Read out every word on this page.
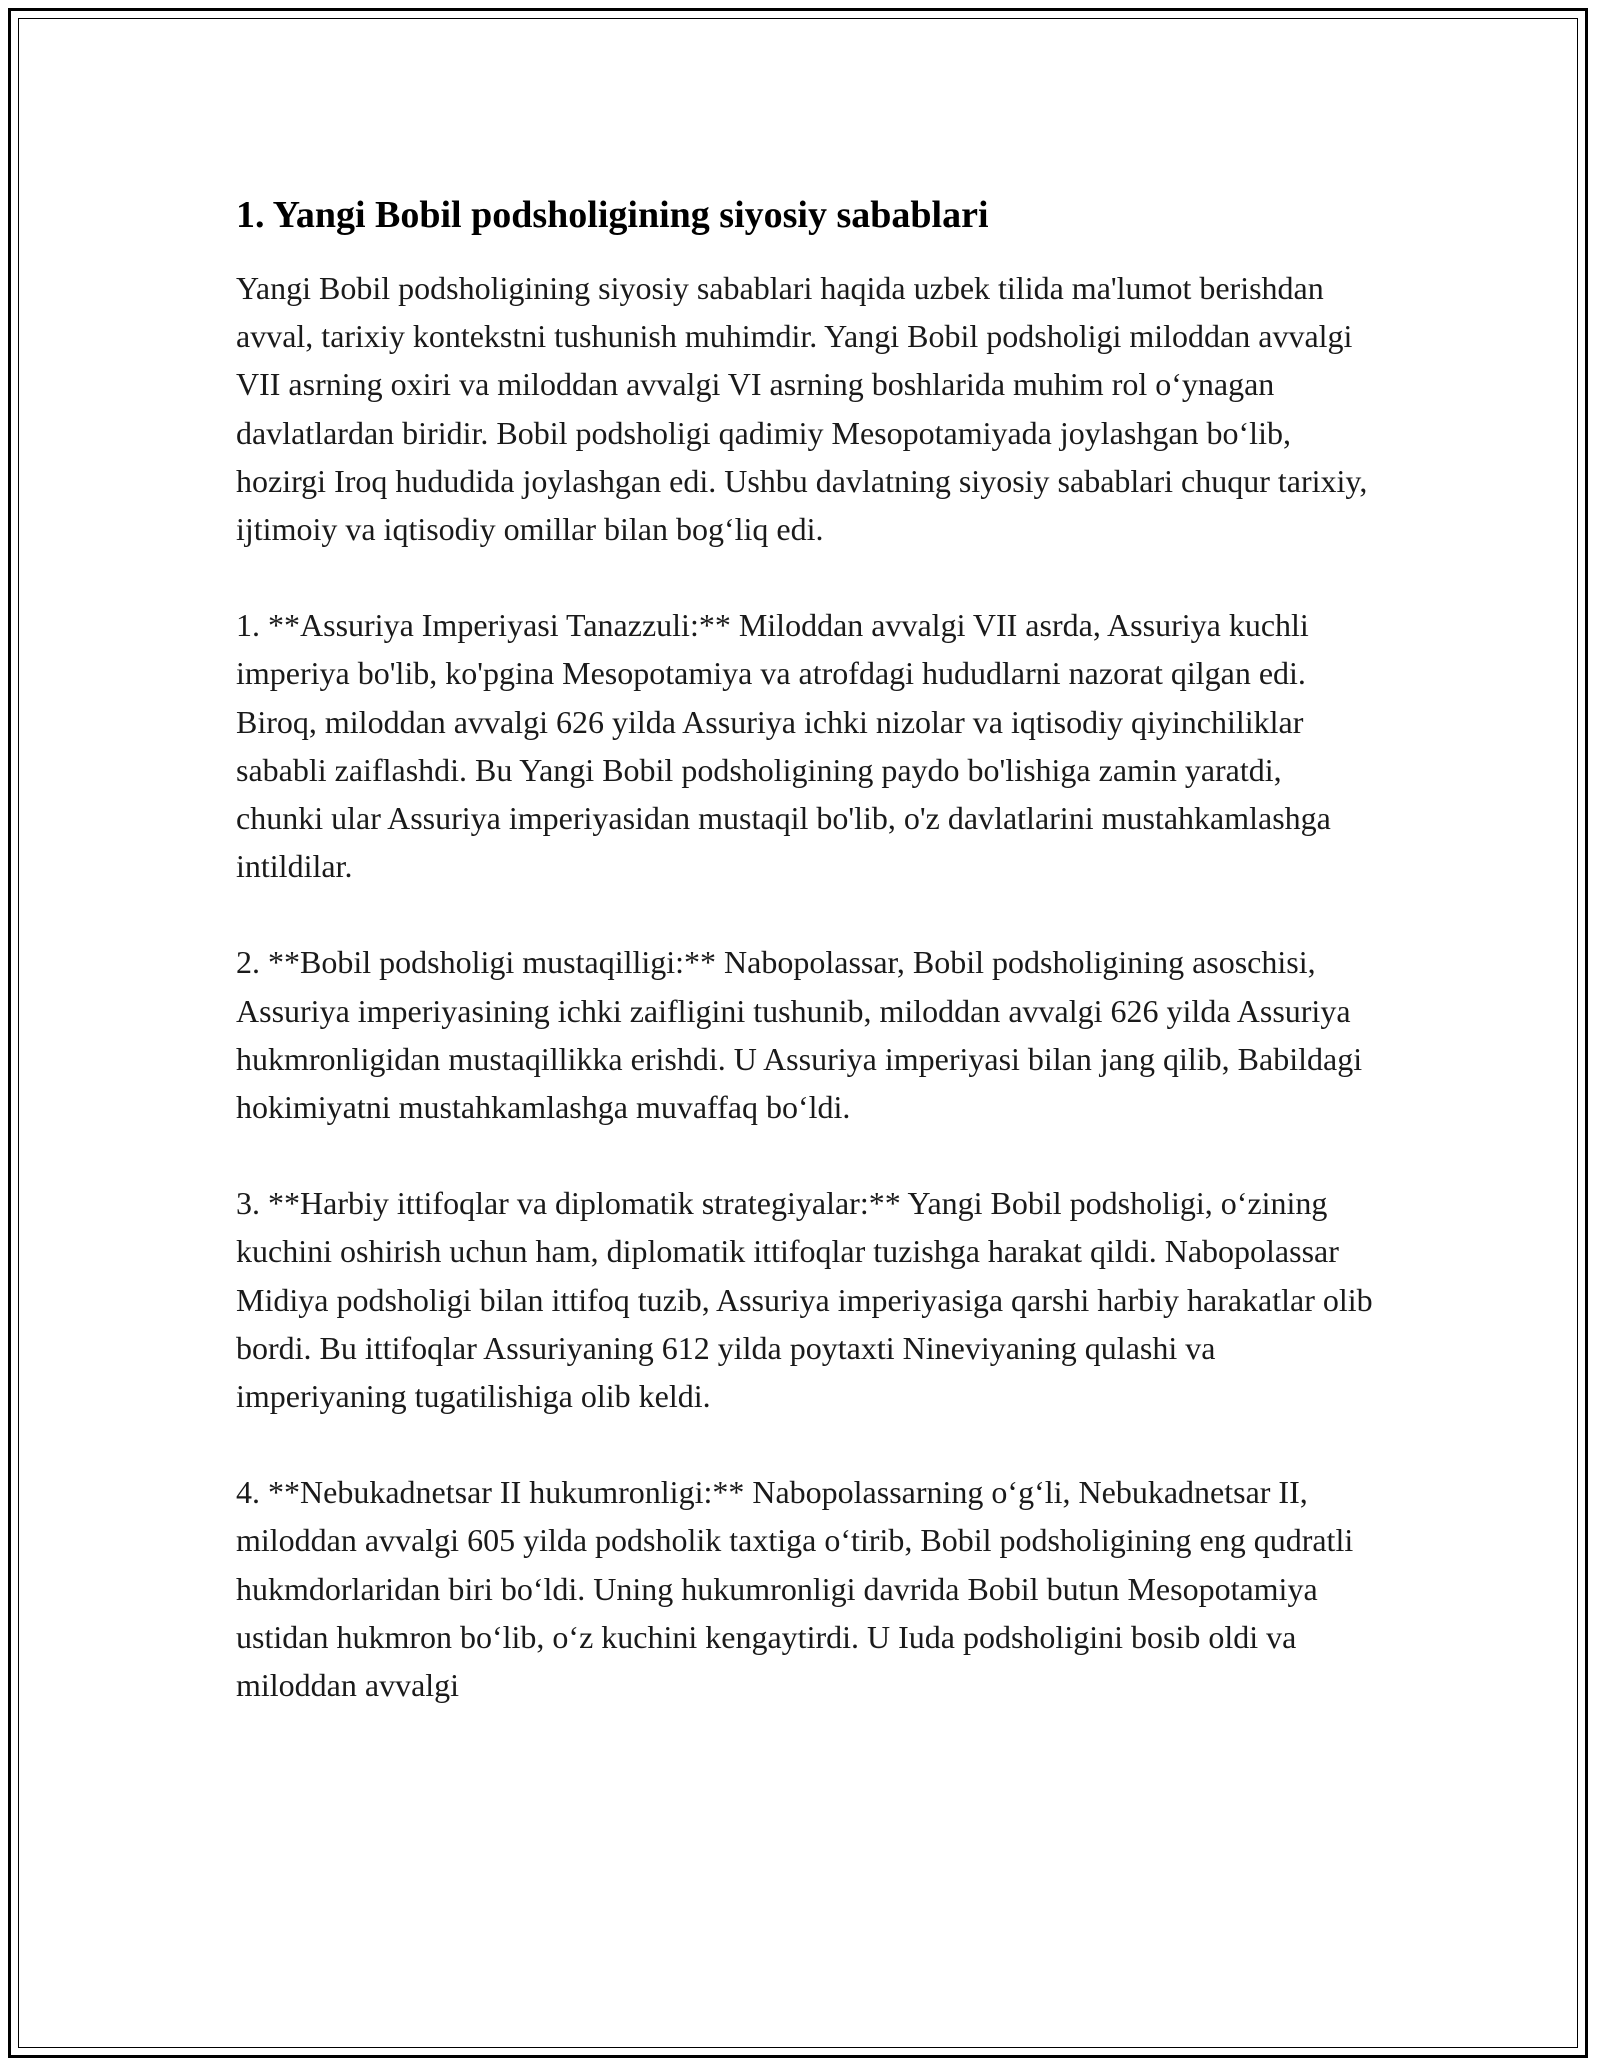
1. Yangi Bobil podsholigining siyosiy sabablari

Yangi Bobil podsholigining siyosiy sabablari haqida uzbek tilida ma'lumot berishdan avval, tarixiy kontekstni tushunish muhimdir. Yangi Bobil podsholigi miloddan avvalgi VII asrning oxiri va miloddan avvalgi VI asrning boshlarida muhim rol oʻynagan davlatlardan biridir. Bobil podsholigi qadimiy Mesopotamiyada joylashgan boʻlib, hozirgi Iroq hududida joylashgan edi. Ushbu davlatning siyosiy sabablari chuqur tarixiy, ijtimoiy va iqtisodiy omillar bilan bogʻliq edi.

1. **Assuriya Imperiyasi Tanazzuli:** Miloddan avvalgi VII asrda, Assuriya kuchli imperiya bo'lib, ko'pgina Mesopotamiya va atrofdagi hududlarni nazorat qilgan edi. Biroq, miloddan avvalgi 626 yilda Assuriya ichki nizolar va iqtisodiy qiyinchiliklar sababli zaiflashdi. Bu Yangi Bobil podsholigining paydo bo'lishiga zamin yaratdi, chunki ular Assuriya imperiyasidan mustaqil bo'lib, o'z davlatlarini mustahkamlashga intildilar.

2. **Bobil podsholigi mustaqilligi:** Nabopolassar, Bobil podsholigining asoschisi, Assuriya imperiyasining ichki zaifligini tushunib, miloddan avvalgi 626 yilda Assuriya hukmronligidan mustaqillikka erishdi. U Assuriya imperiyasi bilan jang qilib, Babildagi hokimiyatni mustahkamlashga muvaffaq boʻldi.

3. **Harbiy ittifoqlar va diplomatik strategiyalar:** Yangi Bobil podsholigi, oʻzining kuchini oshirish uchun ham, diplomatik ittifoqlar tuzishga harakat qildi. Nabopolassar Midiya podsholigi bilan ittifoq tuzib, Assuriya imperiyasiga qarshi harbiy harakatlar olib bordi. Bu ittifoqlar Assuriyaning 612 yilda poytaxti Nineviyaning qulashi va imperiyaning tugatilishiga olib keldi.

4. **Nebukadnetsar II hukumronligi:** Nabopolassarning oʻgʻli, Nebukadnetsar II, miloddan avvalgi 605 yilda podsholik taxtiga oʻtirib, Bobil podsholigining eng qudratli hukmdorlaridan biri boʻldi. Uning hukumronligi davrida Bobil butun Mesopotamiya ustidan hukmron boʻlib, oʻz kuchini kengaytirdi. U Iuda podsholigini bosib oldi va miloddan avvalgi
